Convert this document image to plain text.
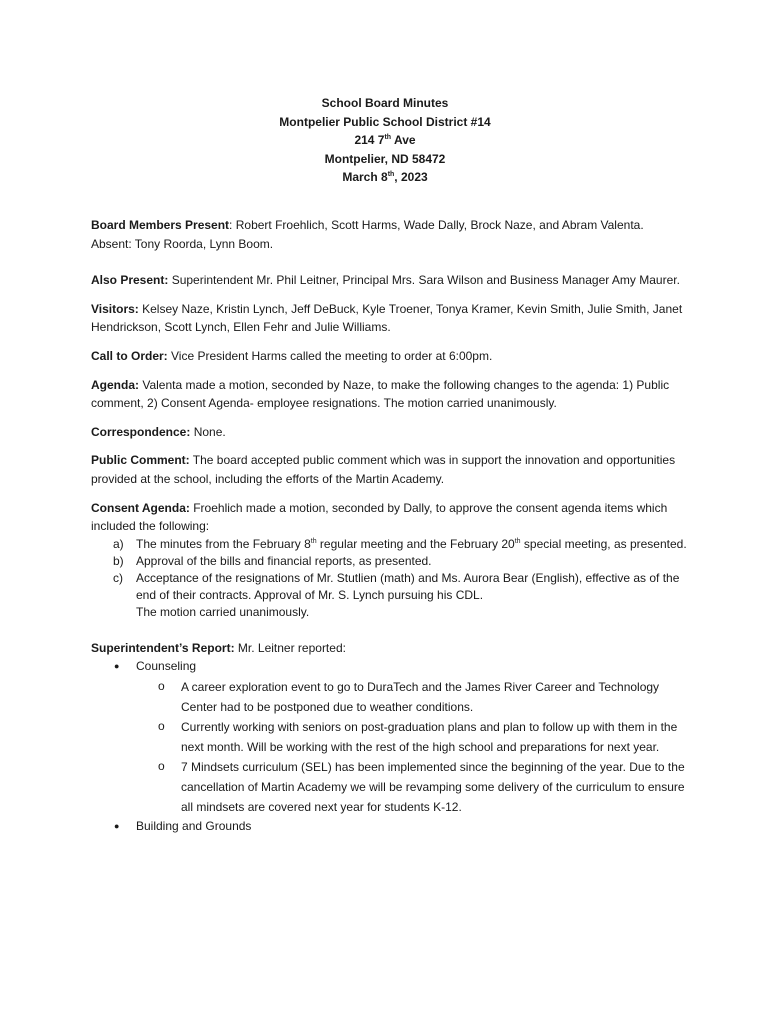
School Board Minutes
Montpelier Public School District #14
214 7th Ave
Montpelier, ND 58472
March 8th, 2023

Board Members Present: Robert Froehlich, Scott Harms, Wade Dally, Brock Naze, and Abram Valenta.
Absent: Tony Roorda, Lynn Boom.

Also Present: Superintendent Mr. Phil Leitner, Principal Mrs. Sara Wilson and Business Manager Amy Maurer.

Visitors: Kelsey Naze, Kristin Lynch, Jeff DeBuck, Kyle Troener, Tonya Kramer, Kevin Smith, Julie Smith, Janet Hendrickson, Scott Lynch, Ellen Fehr and Julie Williams.

Call to Order: Vice President Harms called the meeting to order at 6:00pm.

Agenda: Valenta made a motion, seconded by Naze, to make the following changes to the agenda: 1) Public comment, 2) Consent Agenda- employee resignations. The motion carried unanimously.

Correspondence: None.

Public Comment: The board accepted public comment which was in support the innovation and opportunities provided at the school, including the efforts of the Martin Academy.

Consent Agenda: Froehlich made a motion, seconded by Dally, to approve the consent agenda items which included the following:

a) The minutes from the February 8th regular meeting and the February 20th special meeting, as presented.
b) Approval of the bills and financial reports, as presented.
c) Acceptance of the resignations of Mr. Stutlien (math) and Ms. Aurora Bear (English), effective as of the end of their contracts. Approval of Mr. S. Lynch pursuing his CDL.
The motion carried unanimously.

Superintendent’s Report: Mr. Leitner reported:

● Counseling
o A career exploration event to go to DuraTech and the James River Career and Technology Center had to be postponed due to weather conditions.
o Currently working with seniors on post-graduation plans and plan to follow up with them in the next month. Will be working with the rest of the high school and preparations for next year.
o 7 Mindsets curriculum (SEL) has been implemented since the beginning of the year. Due to the cancellation of Martin Academy we will be revamping some delivery of the curriculum to ensure all mindsets are covered next year for students K-12.
● Building and Grounds
